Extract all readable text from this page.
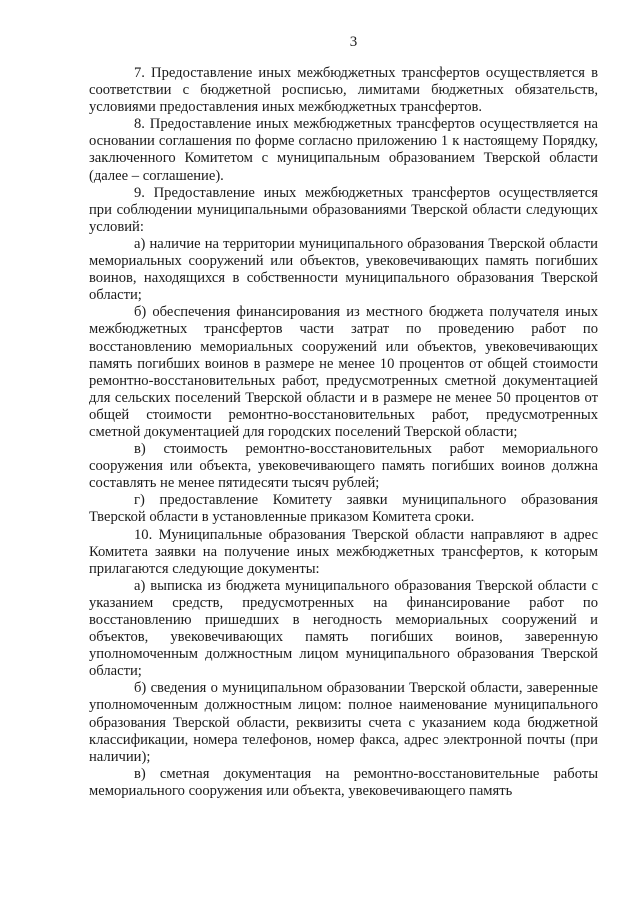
3

7. Предоставление иных межбюджетных трансфертов осуществляется в соответствии с бюджетной росписью, лимитами бюджетных обязательств, условиями предоставления иных межбюджетных трансфертов.

8. Предоставление иных межбюджетных трансфертов осуществляется на основании соглашения по форме согласно приложению 1 к настоящему Порядку, заключенного Комитетом с муниципальным образованием Тверской области (далее – соглашение).

9. Предоставление иных межбюджетных трансфертов осуществляется при соблюдении муниципальными образованиями Тверской области следующих условий:

а) наличие на территории муниципального образования Тверской области мемориальных сооружений или объектов, увековечивающих память погибших воинов, находящихся в собственности муниципального образования Тверской области;

б) обеспечения финансирования из местного бюджета получателя иных межбюджетных трансфертов части затрат по проведению работ по восстановлению мемориальных сооружений или объектов, увековечивающих память погибших воинов в размере не менее 10 процентов от общей стоимости ремонтно-восстановительных работ, предусмотренных сметной документацией для сельских поселений Тверской области и в размере не менее 50 процентов от общей стоимости ремонтно-восстановительных работ, предусмотренных сметной документацией для городских поселений Тверской области;

в) стоимость ремонтно-восстановительных работ мемориального сооружения или объекта, увековечивающего память погибших воинов должна составлять не менее пятидесяти тысяч рублей;

г) предоставление Комитету заявки муниципального образования Тверской области в установленные приказом Комитета сроки.

10. Муниципальные образования Тверской области направляют в адрес Комитета заявки на получение иных межбюджетных трансфертов, к которым прилагаются следующие документы:

а) выписка из бюджета муниципального образования Тверской области с указанием средств, предусмотренных на финансирование работ по восстановлению пришедших в негодность мемориальных сооружений и объектов, увековечивающих память погибших воинов, заверенную уполномоченным должностным лицом муниципального образования Тверской области;

б) сведения о муниципальном образовании Тверской области, заверенные уполномоченным должностным лицом: полное наименование муниципального образования Тверской области, реквизиты счета с указанием кода бюджетной классификации, номера телефонов, номер факса, адрес электронной почты (при наличии);

в) сметная документация на ремонтно-восстановительные работы мемориального сооружения или объекта, увековечивающего память
